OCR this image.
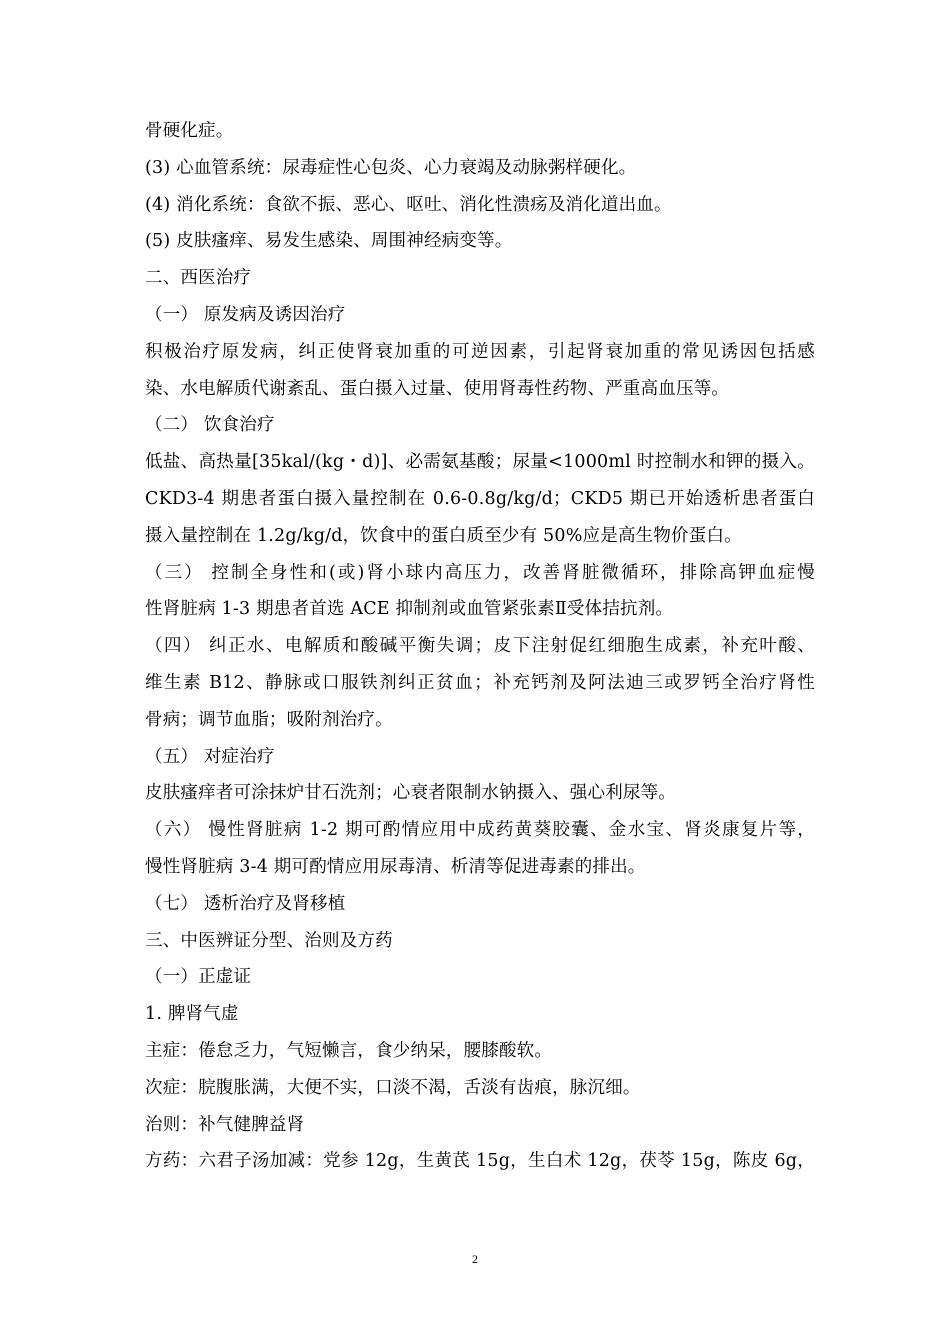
骨硬化症。
(3) 心血管系统：尿毒症性心包炎、心力衰竭及动脉粥样硬化。
(4) 消化系统：食欲不振、恶心、呕吐、消化性溃疡及消化道出血。
(5) 皮肤瘙痒、易发生感染、周围神经病变等。
二、西医治疗
（一） 原发病及诱因治疗
积极治疗原发病，纠正使肾衰加重的可逆因素，引起肾衰加重的常见诱因包括感
染、水电解质代谢紊乱、蛋白摄入过量、使用肾毒性药物、严重高血压等。
（二） 饮食治疗
低盐、高热量[35kal/(kg・d)]、必需氨基酸；尿量<1000ml 时控制水和钾的摄入。
CKD3-4 期患者蛋白摄入量控制在 0.6-0.8g/kg/d；CKD5 期已开始透析患者蛋白
摄入量控制在 1.2g/kg/d，饮食中的蛋白质至少有 50%应是高生物价蛋白。
（三） 控制全身性和(或)肾小球内高压力，改善肾脏微循环，排除高钾血症慢
性肾脏病 1-3 期患者首选 ACE 抑制剂或血管紧张素Ⅱ受体拮抗剂。
（四） 纠正水、电解质和酸碱平衡失调；皮下注射促红细胞生成素，补充叶酸、
维生素 B12、静脉或口服铁剂纠正贫血；补充钙剂及阿法迪三或罗钙全治疗肾性
骨病；调节血脂；吸附剂治疗。
（五） 对症治疗
皮肤瘙痒者可涂抹炉甘石洗剂；心衰者限制水钠摄入、强心利尿等。
（六） 慢性肾脏病 1-2 期可酌情应用中成药黄葵胶囊、金水宝、肾炎康复片等，
慢性肾脏病 3-4 期可酌情应用尿毒清、析清等促进毒素的排出。
（七） 透析治疗及肾移植
三、中医辨证分型、治则及方药
（一）正虚证
1. 脾肾气虚
主症：倦怠乏力，气短懒言，食少纳呆，腰膝酸软。
次症：脘腹胀满，大便不实，口淡不渴，舌淡有齿痕，脉沉细。
治则：补气健脾益肾
方药：六君子汤加减：党参 12g，生黄芪 15g，生白术 12g，茯苓 15g，陈皮 6g，
2
